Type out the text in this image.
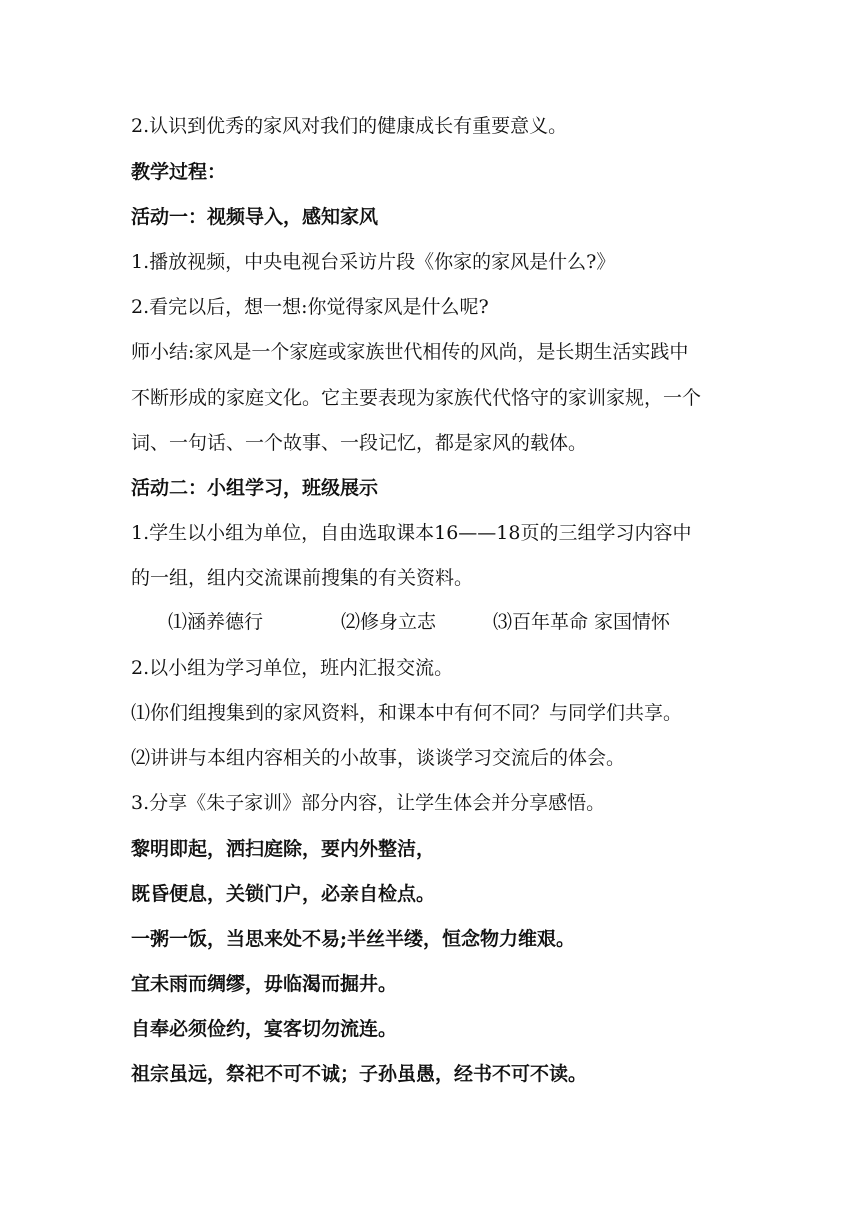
2.认识到优秀的家风对我们的健康成长有重要意义。
教学过程：
活动一：视频导入，感知家风
1.播放视频，中央电视台采访片段《你家的家风是什么?》
2.看完以后，想一想:你觉得家风是什么呢?
师小结:家风是一个家庭或家族世代相传的风尚，是长期生活实践中
不断形成的家庭文化。它主要表现为家族代代恪守的家训家规，一个
词、一句话、一个故事、一段记忆，都是家风的载体。
活动二：小组学习，班级展示
1.学生以小组为单位，自由选取课本16——18页的三组学习内容中
的一组，组内交流课前搜集的有关资料。
⑴涵养德行	⑵修身立志	⑶百年革命 家国情怀
2.以小组为学习单位，班内汇报交流。
⑴你们组搜集到的家风资料，和课本中有何不同？与同学们共享。
⑵讲讲与本组内容相关的小故事，谈谈学习交流后的体会。
3.分享《朱子家训》部分内容，让学生体会并分享感悟。
黎明即起，洒扫庭除，要内外整洁，
既昏便息，关锁门户，必亲自检点。
一粥一饭，当思来处不易;半丝半缕，恒念物力维艰。
宜未雨而绸缪，毋临渴而掘井。
自奉必须俭约，宴客切勿流连。
祖宗虽远，祭祀不可不诚；子孙虽愚，经书不可不读。
